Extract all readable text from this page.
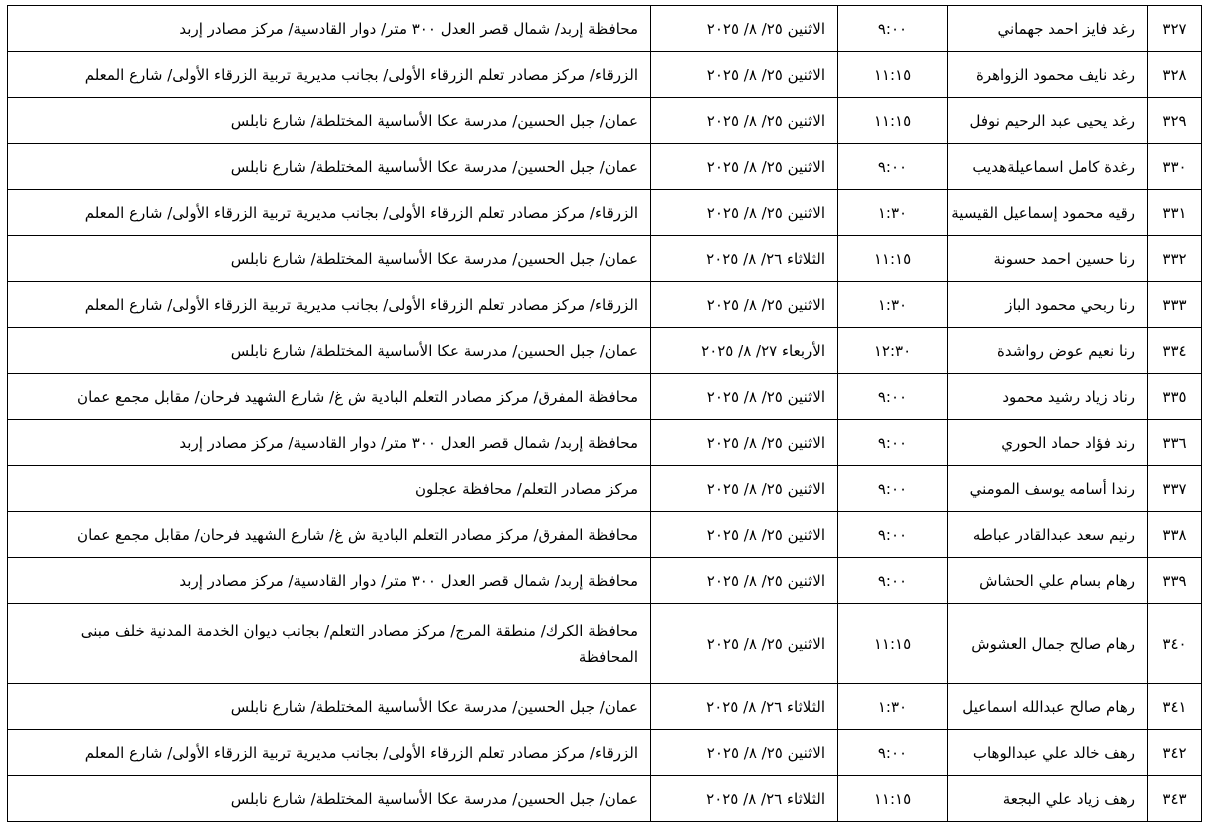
٣٢٧	رغد فايز احمد جهماني	٩:٠٠	الاثنين ٢٥/ ٨/ ٢٠٢٥	محافظة إربد/ شمال قصر العدل ٣٠٠ متر/ دوار القادسية/ مركز مصادر إربد
٣٢٨	رغد نايف محمود الزواهرة	١١:١٥	الاثنين ٢٥/ ٨/ ٢٠٢٥	الزرقاء/ مركز مصادر تعلم الزرقاء الأولى/ بجانب مديرية تربية الزرقاء الأولى/ شارع المعلم
٣٢٩	رغد يحيى عبد الرحيم نوفل	١١:١٥	الاثنين ٢٥/ ٨/ ٢٠٢٥	عمان/ جبل الحسين/ مدرسة عكا الأساسية المختلطة/ شارع نابلس
٣٣٠	رغدة كامل اسماعيلةهديب	٩:٠٠	الاثنين ٢٥/ ٨/ ٢٠٢٥	عمان/ جبل الحسين/ مدرسة عكا الأساسية المختلطة/ شارع نابلس
٣٣١	رقيه محمود إسماعيل القيسية	١:٣٠	الاثنين ٢٥/ ٨/ ٢٠٢٥	الزرقاء/ مركز مصادر تعلم الزرقاء الأولى/ بجانب مديرية تربية الزرقاء الأولى/ شارع المعلم
٣٣٢	رنا حسين احمد حسونة	١١:١٥	الثلاثاء ٢٦/ ٨/ ٢٠٢٥	عمان/ جبل الحسين/ مدرسة عكا الأساسية المختلطة/ شارع نابلس
٣٣٣	رنا ربحي محمود الباز	١:٣٠	الاثنين ٢٥/ ٨/ ٢٠٢٥	الزرقاء/ مركز مصادر تعلم الزرقاء الأولى/ بجانب مديرية تربية الزرقاء الأولى/ شارع المعلم
٣٣٤	رنا نعيم عوض رواشدة	١٢:٣٠	الأربعاء ٢٧/ ٨/ ٢٠٢٥	عمان/ جبل الحسين/ مدرسة عكا الأساسية المختلطة/ شارع نابلس
٣٣٥	رناد زياد رشيد محمود	٩:٠٠	الاثنين ٢٥/ ٨/ ٢٠٢٥	محافظة المفرق/ مركز مصادر التعلم البادية ش غ/ شارع الشهيد فرحان/ مقابل مجمع عمان
٣٣٦	رند فؤاد حماد الحوري	٩:٠٠	الاثنين ٢٥/ ٨/ ٢٠٢٥	محافظة إربد/ شمال قصر العدل ٣٠٠ متر/ دوار القادسية/ مركز مصادر إربد
٣٣٧	رندا أسامه يوسف المومني	٩:٠٠	الاثنين ٢٥/ ٨/ ٢٠٢٥	مركز مصادر التعلم/ محافظة عجلون
٣٣٨	رنيم سعد عبدالقادر عباطه	٩:٠٠	الاثنين ٢٥/ ٨/ ٢٠٢٥	محافظة المفرق/ مركز مصادر التعلم البادية ش غ/ شارع الشهيد فرحان/ مقابل مجمع عمان
٣٣٩	رهام بسام علي الحشاش	٩:٠٠	الاثنين ٢٥/ ٨/ ٢٠٢٥	محافظة إربد/ شمال قصر العدل ٣٠٠ متر/ دوار القادسية/ مركز مصادر إربد
٣٤٠	رهام صالح جمال العشوش	١١:١٥	الاثنين ٢٥/ ٨/ ٢٠٢٥	محافظة الكرك/ منطقة المرج/ مركز مصادر التعلم/ بجانب ديوان الخدمة المدنية خلف مبنى المحافظة
٣٤١	رهام صالح عبدالله اسماعيل	١:٣٠	الثلاثاء ٢٦/ ٨/ ٢٠٢٥	عمان/ جبل الحسين/ مدرسة عكا الأساسية المختلطة/ شارع نابلس
٣٤٢	رهف خالد علي عبدالوهاب	٩:٠٠	الاثنين ٢٥/ ٨/ ٢٠٢٥	الزرقاء/ مركز مصادر تعلم الزرقاء الأولى/ بجانب مديرية تربية الزرقاء الأولى/ شارع المعلم
٣٤٣	رهف زياد علي البجعة	١١:١٥	الثلاثاء ٢٦/ ٨/ ٢٠٢٥	عمان/ جبل الحسين/ مدرسة عكا الأساسية المختلطة/ شارع نابلس
